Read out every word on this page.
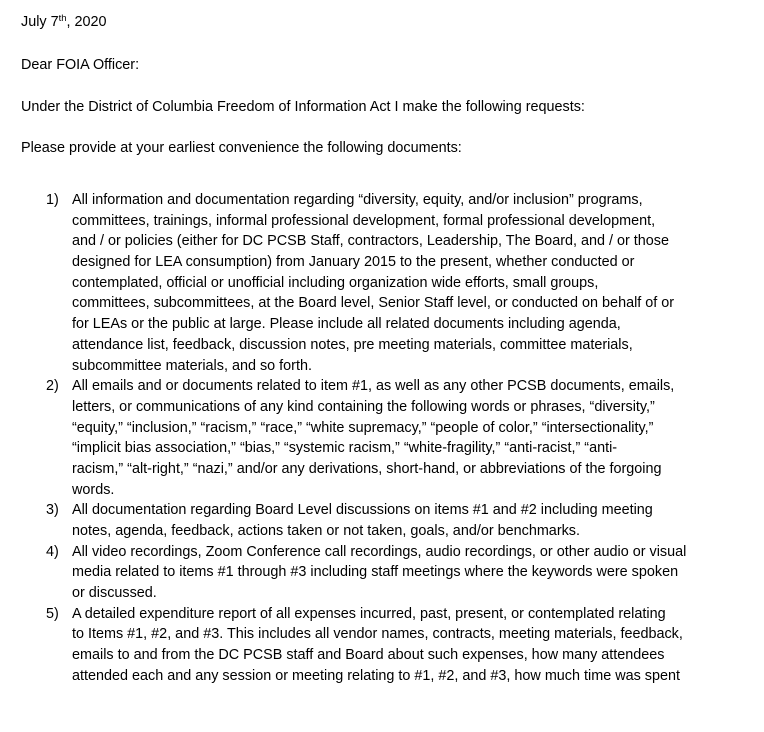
July 7th, 2020
Dear FOIA Officer:
Under the District of Columbia Freedom of Information Act I make the following requests:
Please provide at your earliest convenience the following documents:
1) All information and documentation regarding “diversity, equity, and/or inclusion” programs,
committees, trainings, informal professional development, formal professional development,
and / or policies (either for DC PCSB Staff, contractors, Leadership, The Board, and / or those
designed for LEA consumption) from January 2015 to the present, whether conducted or
contemplated, official or unofficial including organization wide efforts, small groups,
committees, subcommittees, at the Board level, Senior Staff level, or conducted on behalf of or
for LEAs or the public at large. Please include all related documents including agenda,
attendance list, feedback, discussion notes, pre meeting materials, committee materials,
subcommittee materials, and so forth.
2) All emails and or documents related to item #1, as well as any other PCSB documents, emails,
letters, or communications of any kind containing the following words or phrases, “diversity,”
“equity,” “inclusion,” “racism,” “race,” “white supremacy,” “people of color,” “intersectionality,”
“implicit bias association,” “bias,” “systemic racism,” “white-fragility,” “anti-racist,” “anti-
racism,” “alt-right,” “nazi,” and/or any derivations, short-hand, or abbreviations of the forgoing
words.
3) All documentation regarding Board Level discussions on items #1 and #2 including meeting
notes, agenda, feedback, actions taken or not taken, goals, and/or benchmarks.
4) All video recordings, Zoom Conference call recordings, audio recordings, or other audio or visual
media related to items #1 through #3 including staff meetings where the keywords were spoken
or discussed.
5) A detailed expenditure report of all expenses incurred, past, present, or contemplated relating
to Items #1, #2, and #3. This includes all vendor names, contracts, meeting materials, feedback,
emails to and from the DC PCSB staff and Board about such expenses, how many attendees
attended each and any session or meeting relating to #1, #2, and #3, how much time was spent
